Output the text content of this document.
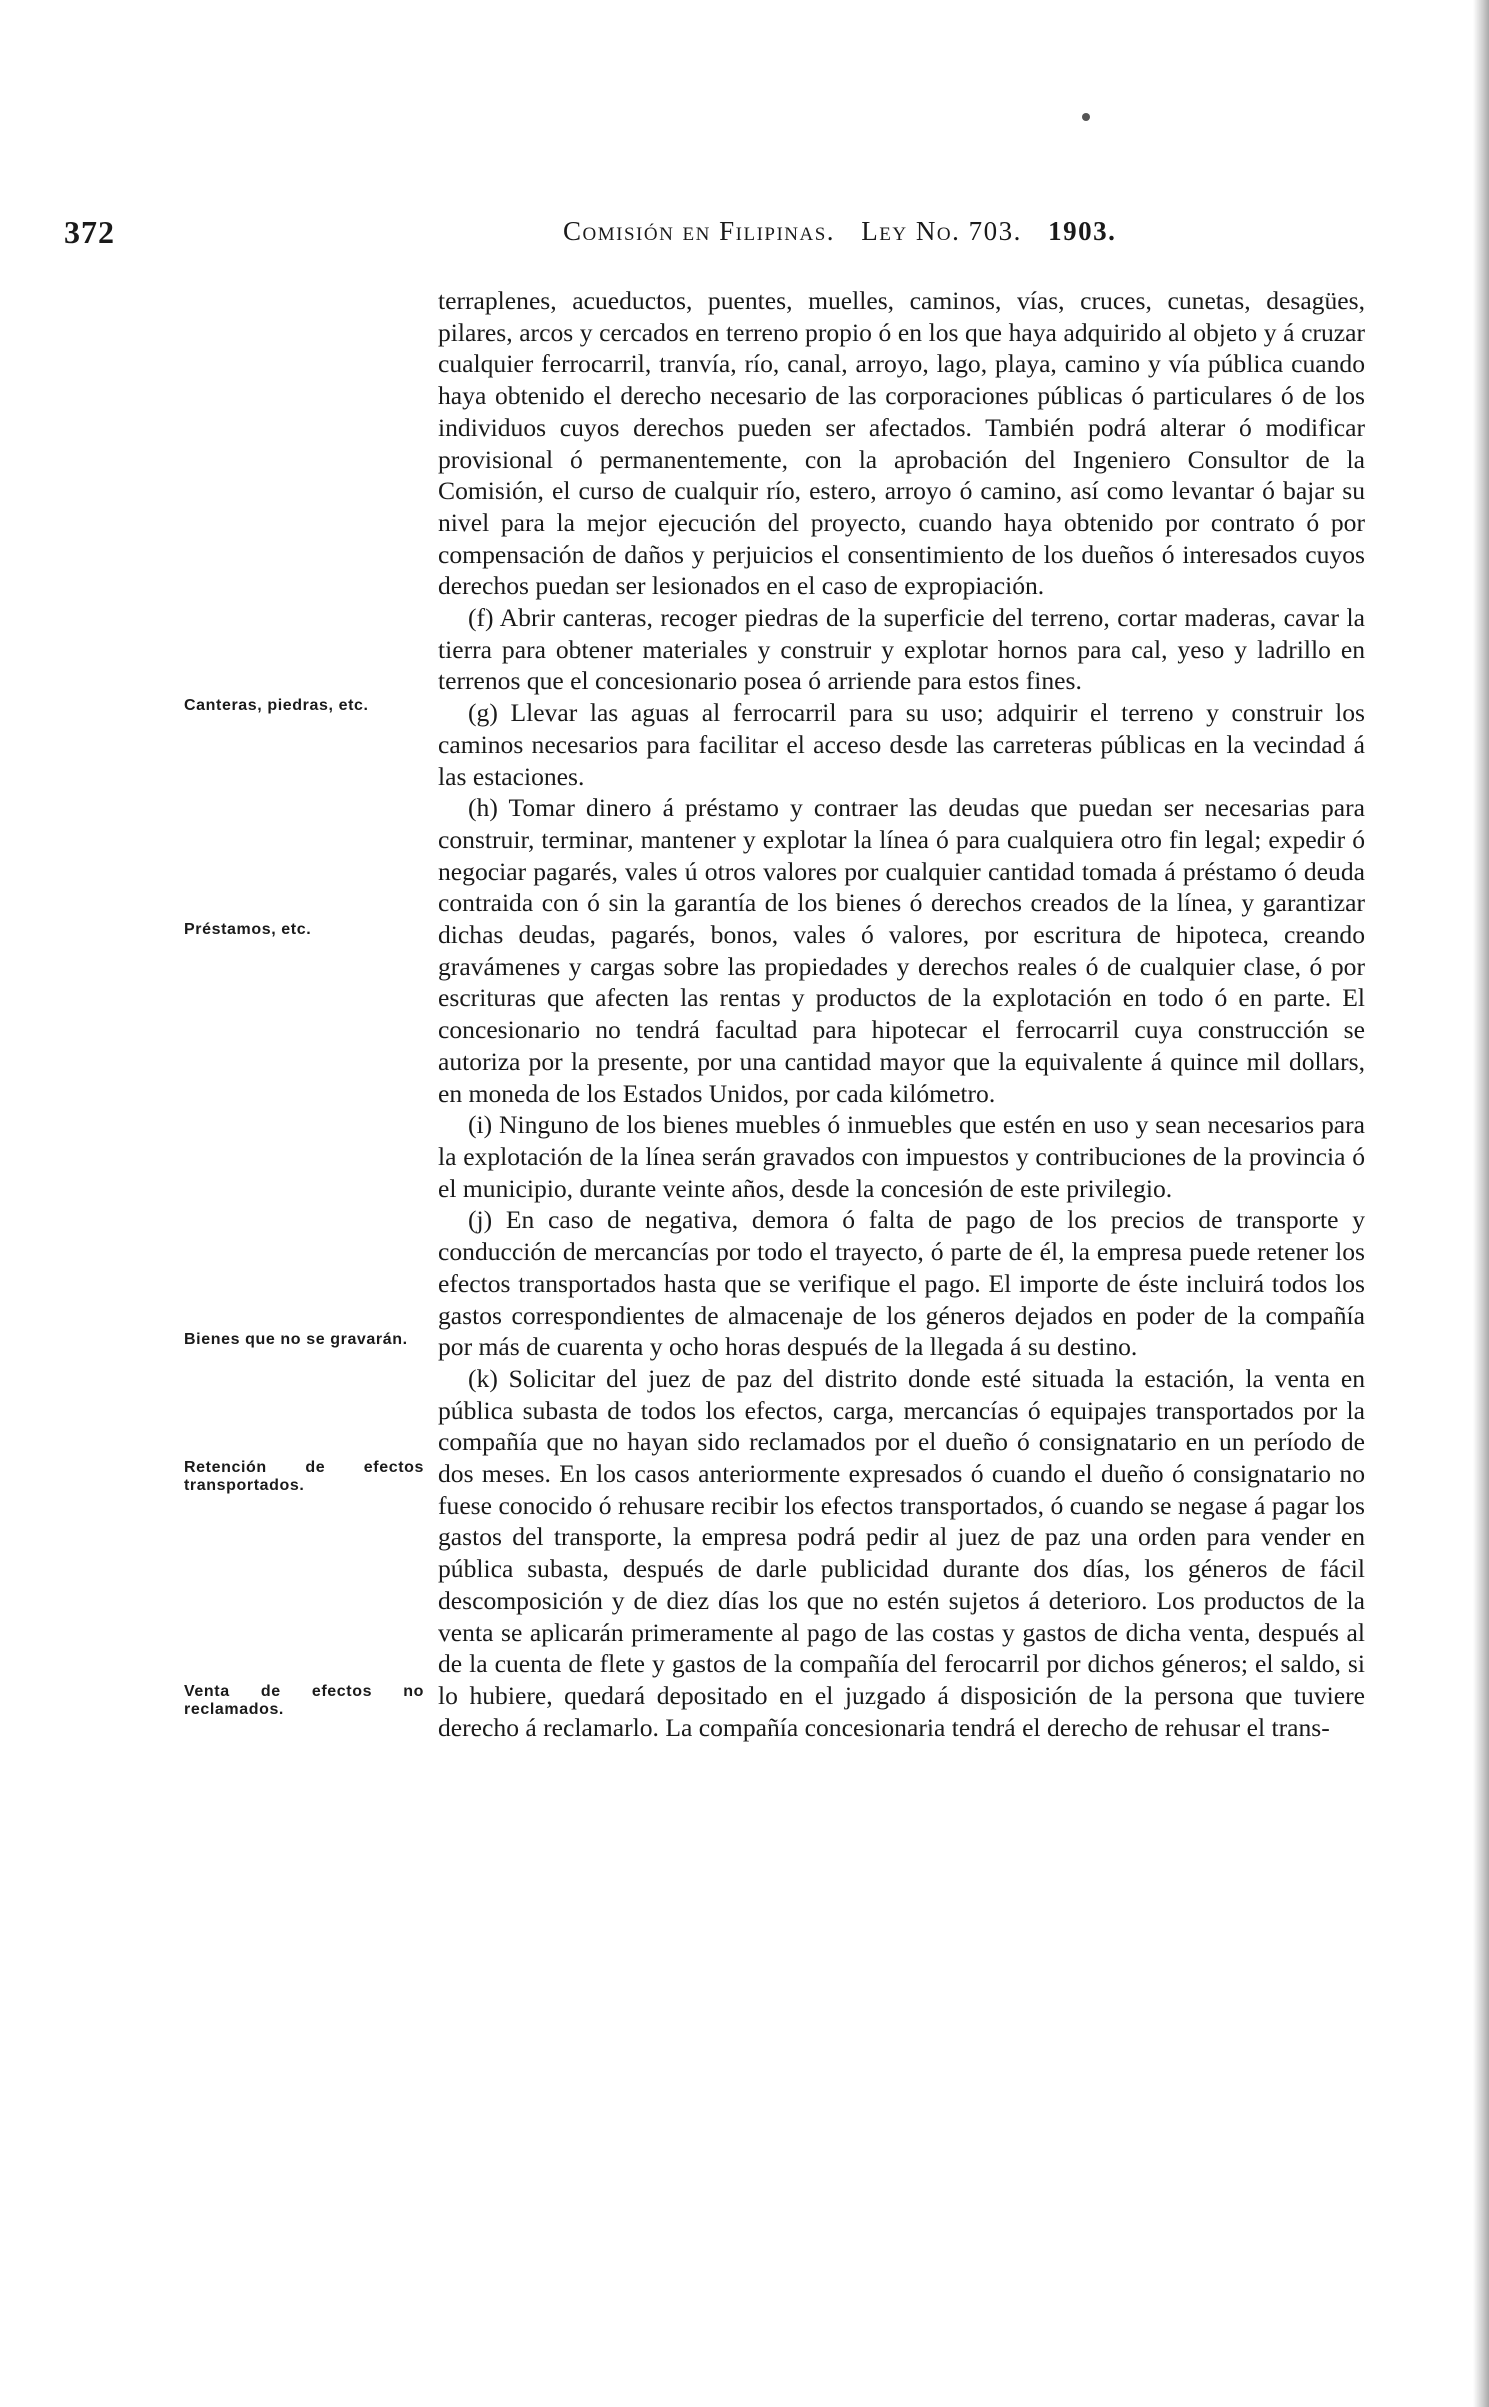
372	Comisión en Filipinas. Ley No. 703. 1903.
Canteras, piedras, etc.
Préstamos, etc.
Bienes que no se gravarán.
Retención de efectos transportados.
Venta de efectos no reclamados.

terraplenes, acueductos, puentes, muelles, caminos, vías, cruces, cunetas, desagües, pilares, arcos y cercados en terreno propio ó en los que haya adquirido al objeto y á cruzar cualquier ferrocarril, tranvía, río, canal, arroyo, lago, playa, camino y vía pública cuando haya obtenido el derecho necesario de las corporaciones públicas ó particulares ó de los individuos cuyos derechos pueden ser afectados. También podrá alterar ó modificar provisional ó permanentemente, con la aprobación del Ingeniero Consultor de la Comisión, el curso de cualquir río, estero, arroyo ó camino, así como levantar ó bajar su nivel para la mejor ejecución del proyecto, cuando haya obtenido por contrato ó por compensación de daños y perjuicios el consentimiento de los dueños ó interesados cuyos derechos puedan ser lesionados en el caso de expropiación.

(f) Abrir canteras, recoger piedras de la superficie del terreno, cortar maderas, cavar la tierra para obtener materiales y construir y explotar hornos para cal, yeso y ladrillo en terrenos que el concesionario posea ó arriende para estos fines.

(g) Llevar las aguas al ferrocarril para su uso; adquirir el terreno y construir los caminos necesarios para facilitar el acceso desde las carreteras públicas en la vecindad á las estaciones.

(h) Tomar dinero á préstamo y contraer las deudas que puedan ser necesarias para construir, terminar, mantener y explotar la línea ó para cualquiera otro fin legal; expedir ó negociar pagarés, vales ú otros valores por cualquier cantidad tomada á préstamo ó deuda contraida con ó sin la garantía de los bienes ó derechos creados de la línea, y garantizar dichas deudas, pagarés, bonos, vales ó valores, por escritura de hipoteca, creando gravámenes y cargas sobre las propiedades y derechos reales ó de cualquier clase, ó por escrituras que afecten las rentas y productos de la explotación en todo ó en parte. El concesionario no tendrá facultad para hipotecar el ferrocarril cuya construcción se autoriza por la presente, por una cantidad mayor que la equivalente á quince mil dollars, en moneda de los Estados Unidos, por cada kilómetro.

(i) Ninguno de los bienes muebles ó inmuebles que estén en uso y sean necesarios para la explotación de la línea serán gravados con impuestos y contribuciones de la provincia ó el municipio, durante veinte años, desde la concesión de este privilegio.

(j) En caso de negativa, demora ó falta de pago de los precios de transporte y conducción de mercancías por todo el trayecto, ó parte de él, la empresa puede retener los efectos transportados hasta que se verifique el pago. El importe de éste incluirá todos los gastos correspondientes de almacenaje de los géneros dejados en poder de la compañía por más de cuarenta y ocho horas después de la llegada á su destino.

(k) Solicitar del juez de paz del distrito donde esté situada la estación, la venta en pública subasta de todos los efectos, carga, mercancías ó equipajes transportados por la compañía que no hayan sido reclamados por el dueño ó consignatario en un período de dos meses. En los casos anteriormente expresados ó cuando el dueño ó consignatario no fuese conocido ó rehusare recibir los efectos transportados, ó cuando se negase á pagar los gastos del transporte, la empresa podrá pedir al juez de paz una orden para vender en pública subasta, después de darle publicidad durante dos días, los géneros de fácil descomposición y de diez días los que no estén sujetos á deterioro. Los productos de la venta se aplicarán primeramente al pago de las costas y gastos de dicha venta, después al de la cuenta de flete y gastos de la compañía del ferocarril por dichos géneros; el saldo, si lo hubiere, quedará depositado en el juzgado á disposición de la persona que tuviere derecho á reclamarlo. La compañía concesionaria tendrá el derecho de rehusar el trans-
